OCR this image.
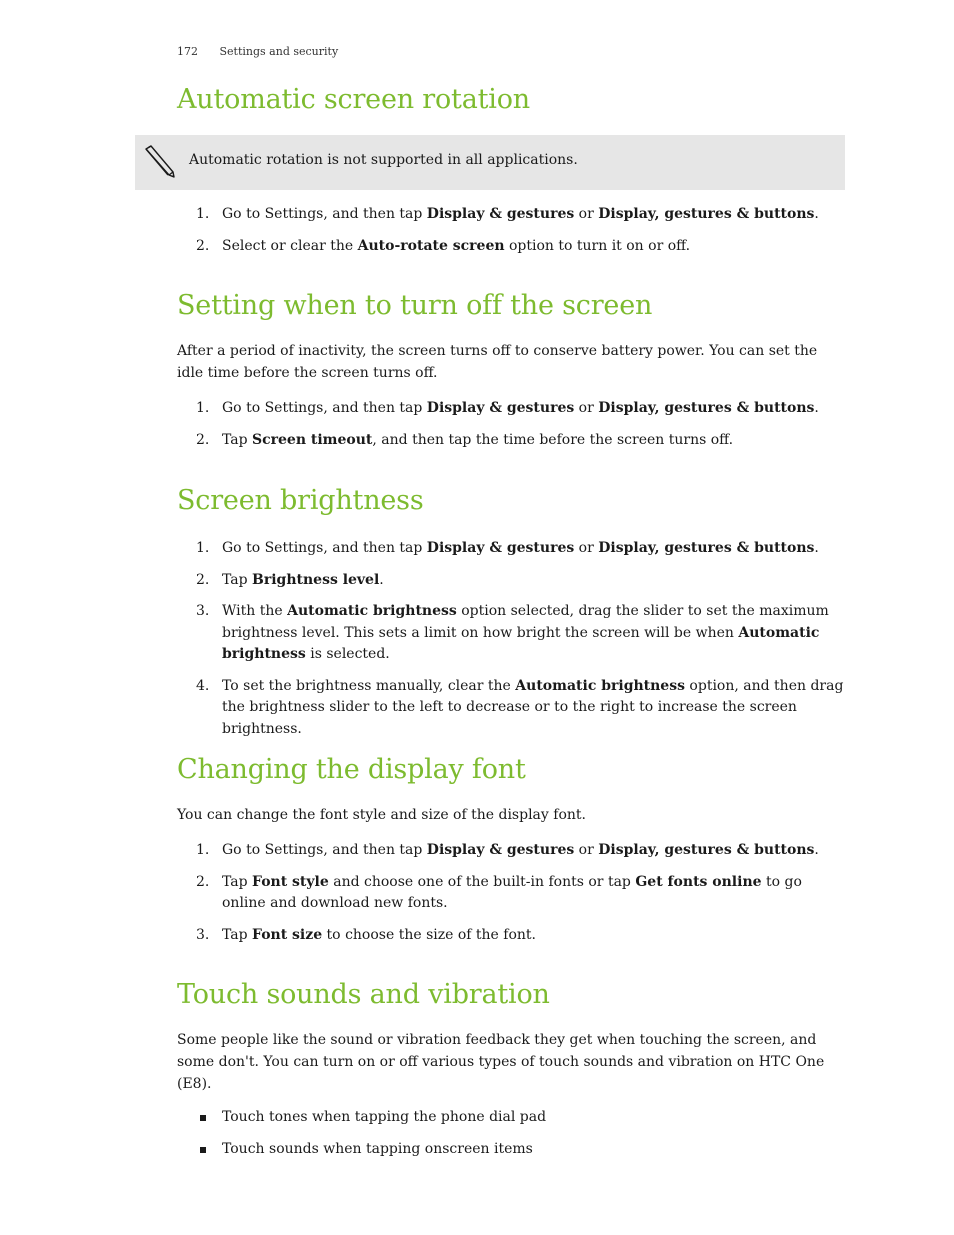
172 Settings and security
Automatic screen rotation
Automatic rotation is not supported in all applications.
1. Go to Settings, and then tap Display & gestures or Display, gestures & buttons.
2. Select or clear the Auto-rotate screen option to turn it on or off.
Setting when to turn off the screen

After a period of inactivity, the screen turns off to conserve battery power. You can set the idle time before the screen turns off.

1. Go to Settings, and then tap Display & gestures or Display, gestures & buttons.
2. Tap Screen timeout, and then tap the time before the screen turns off.
Screen brightness
1. Go to Settings, and then tap Display & gestures or Display, gestures & buttons.
2. Tap Brightness level.
3. With the Automatic brightness option selected, drag the slider to set the maximum brightness level. This sets a limit on how bright the screen will be when Automatic brightness is selected.
4. To set the brightness manually, clear the Automatic brightness option, and then drag the brightness slider to the left to decrease or to the right to increase the screen brightness.
Changing the display font

You can change the font style and size of the display font.

1. Go to Settings, and then tap Display & gestures or Display, gestures & buttons.
2. Tap Font style and choose one of the built-in fonts or tap Get fonts online to go online and download new fonts.
3. Tap Font size to choose the size of the font.
Touch sounds and vibration

Some people like the sound or vibration feedback they get when touching the screen, and some don't. You can turn on or off various types of touch sounds and vibration on HTC One (E8).

Touch tones when tapping the phone dial pad
Touch sounds when tapping onscreen items
